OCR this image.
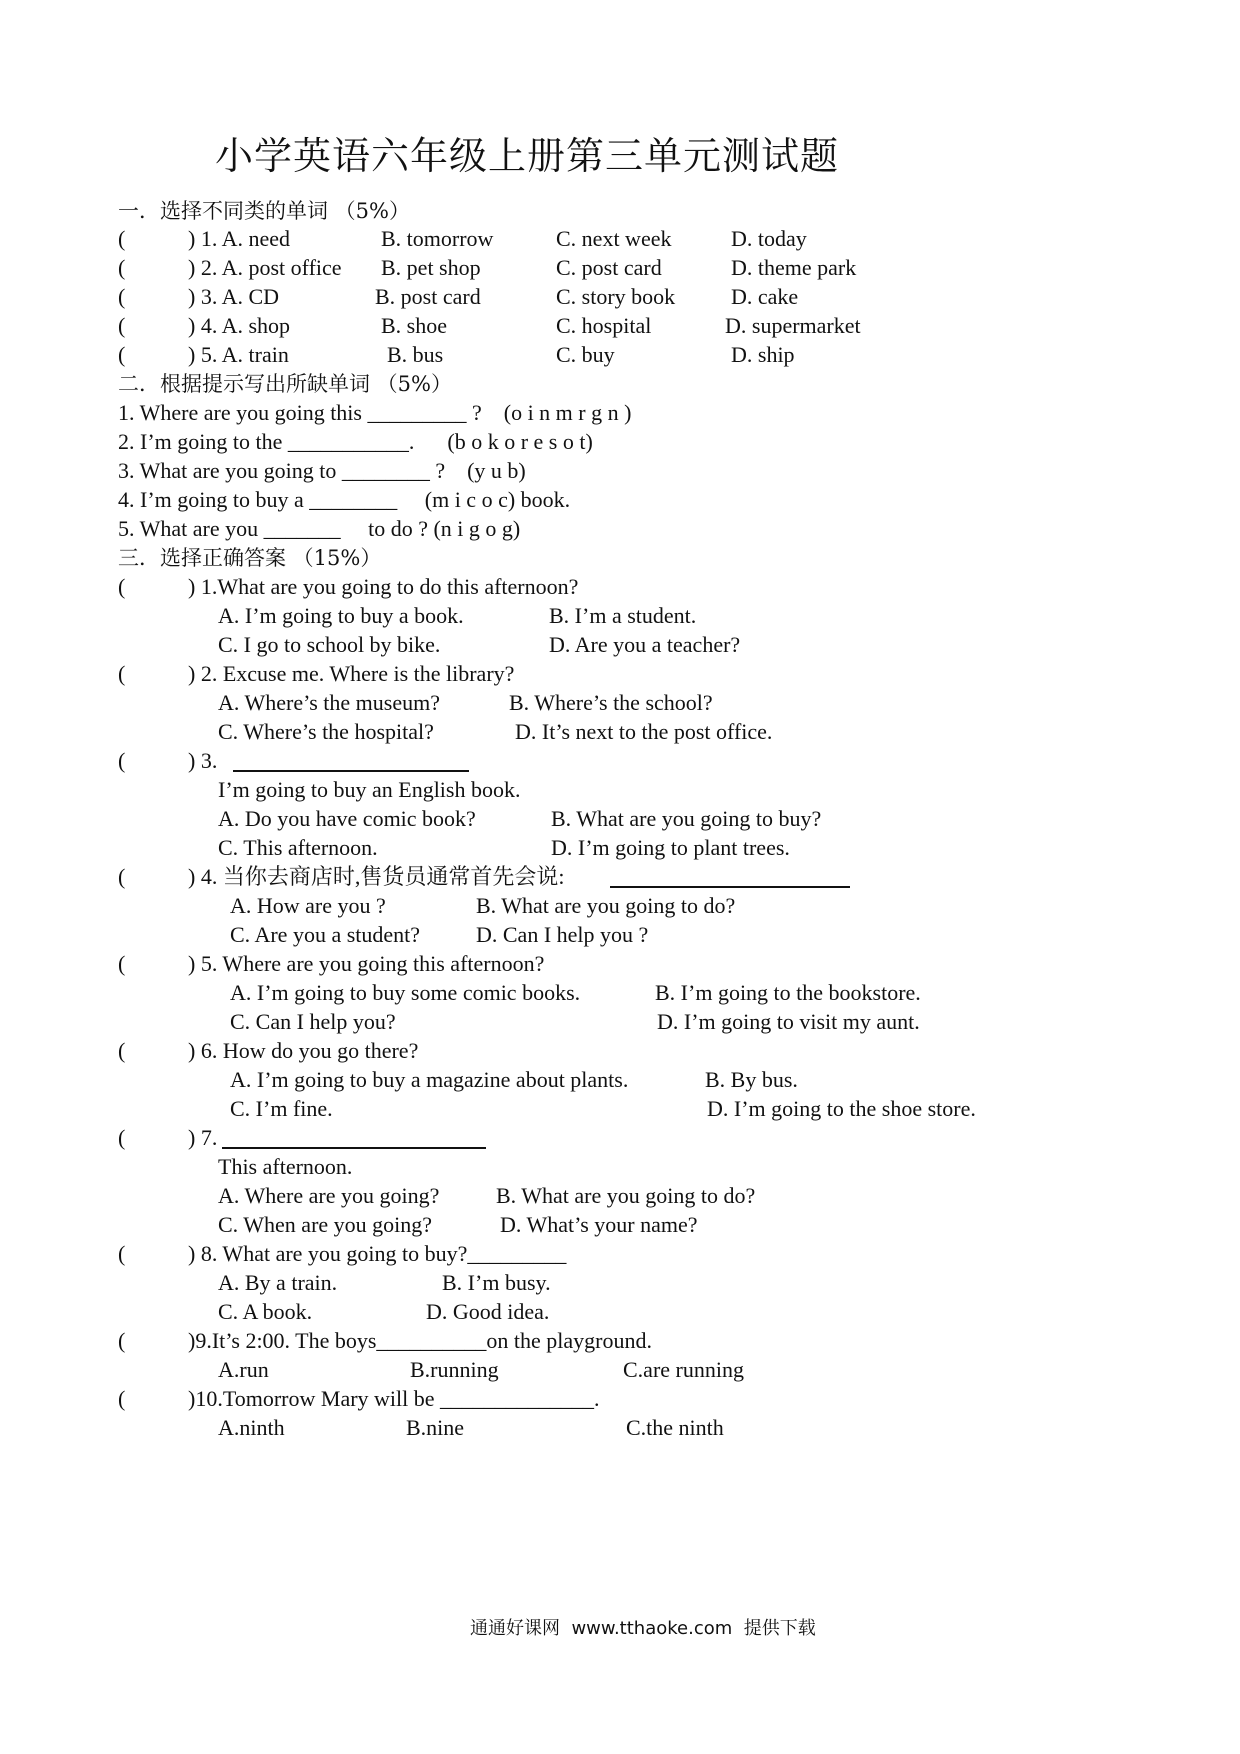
小学英语六年级上册第三单元测试题
一．选择不同类的单词 （5%）
(	) 1. A. need	B. tomorrow	C. next week	D. today
(	) 2. A. post office B. pet shop	C. post card	D. theme park
(	) 3. A. CD	B. post card	C. story book	D. cake
(	) 4. A. shop	B. shoe	C. hospital	D. supermarket
(	) 5. A. train	B. bus	C. buy	D. ship
二．根据提示写出所缺单词 （5%）
1. Where are you going this _________ ?    (o i n m r g n )
2. I’m going to the ___________.      (b o k o r e s o t)
3. What are you going to ________ ?    (y u b)
4. I’m going to buy a ________     (m i c o c) book.
5. What are you _______     to do ? (n i g o g)
三．选择正确答案 （15%）
(	) 1.What are you going to do this afternoon?
A. I’m going to buy a book.	B. I’m a student.
C. I go to school by bike.	D. Are you a teacher?
(	) 2. Excuse me. Where is the library?
A. Where’s the museum?	B. Where’s the school?
C. Where’s the hospital?	D. It’s next to the post office.
(	) 3.
I’m going to buy an English book.
A. Do you have comic book?	B. What are you going to buy?
C. This afternoon.	D. I’m going to plant trees.
(	) 4. 当你去商店时,售货员通常首先会说:
A. How are you ?	B. What are you going to do?
C. Are you a student?	D. Can I help you ?
(	) 5. Where are you going this afternoon?
A. I’m going to buy some comic books.	B. I’m going to the bookstore.
C. Can I help you?	D. I’m going to visit my aunt.
(	) 6. How do you go there?
A. I’m going to buy a magazine about plants.	B. By bus.
C. I’m fine.	D. I’m going to the shoe store.
(	) 7.
This afternoon.
A. Where are you going?	B. What are you going to do?
C. When are you going?	D. What’s your name?
(	) 8. What are you going to buy?_________
A. By a train.	B. I’m busy.
C. A book.	D. Good idea.
(	)9.It’s 2:00. The boys__________on the playground.
A.run	B.running	C.are running
(	)10.Tomorrow Mary will be ______________.
A.ninth	B.nine	C.the ninth
通通好课网  www.tthaoke.com  提供下载
